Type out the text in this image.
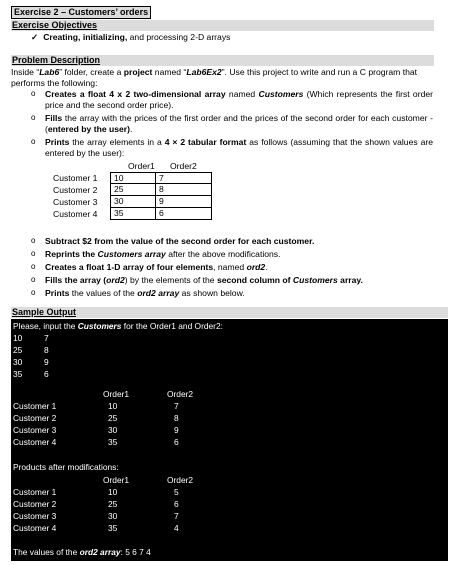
Exercise 2 – Customers’ orders
Exercise Objectives
✓ Creating, initializing, and processing 2-D arrays
Problem Description
Inside “Lab6” folder, create a project named “Lab6Ex2”. Use this project to write and run a C program that performs the following:
o Creates a float 4 x 2 two-dimensional array named Customers (Which represents the first order price and the second order price).
o Fills the array with the prices of the first order and the prices of the second order for each customer - (entered by the user).
o Prints the array elements in a 4 × 2 tabular format as follows (assuming that the shown values are entered by the user):
Order1 Order2
Customer 1	10	7
Customer 2	25	8
Customer 3	30	9
Customer 4	35	6
o Subtract $2 from the value of the second order for each customer.
o Reprints the Customers array after the above modifications.
o Creates a float 1-D array of four elements, named ord2.
o Fills the array (ord2) by the elements of the second column of Customers array.
o Prints the values of the ord2 array as shown below.
Sample Output
Please, input the Customers for the Order1 and Order2:
Products after modifications:
The values of the ord2 array: 5 6 7 4
10	7
25	8
30	9
35	6
Order1	Order2
Customer 1	10	7
Customer 2	25	8
Customer 3	30	9
Customer 4	35	6
Order1	Order2
Customer 1	10	5
Customer 2	25	6
Customer 3	30	7
Customer 4	35	4
